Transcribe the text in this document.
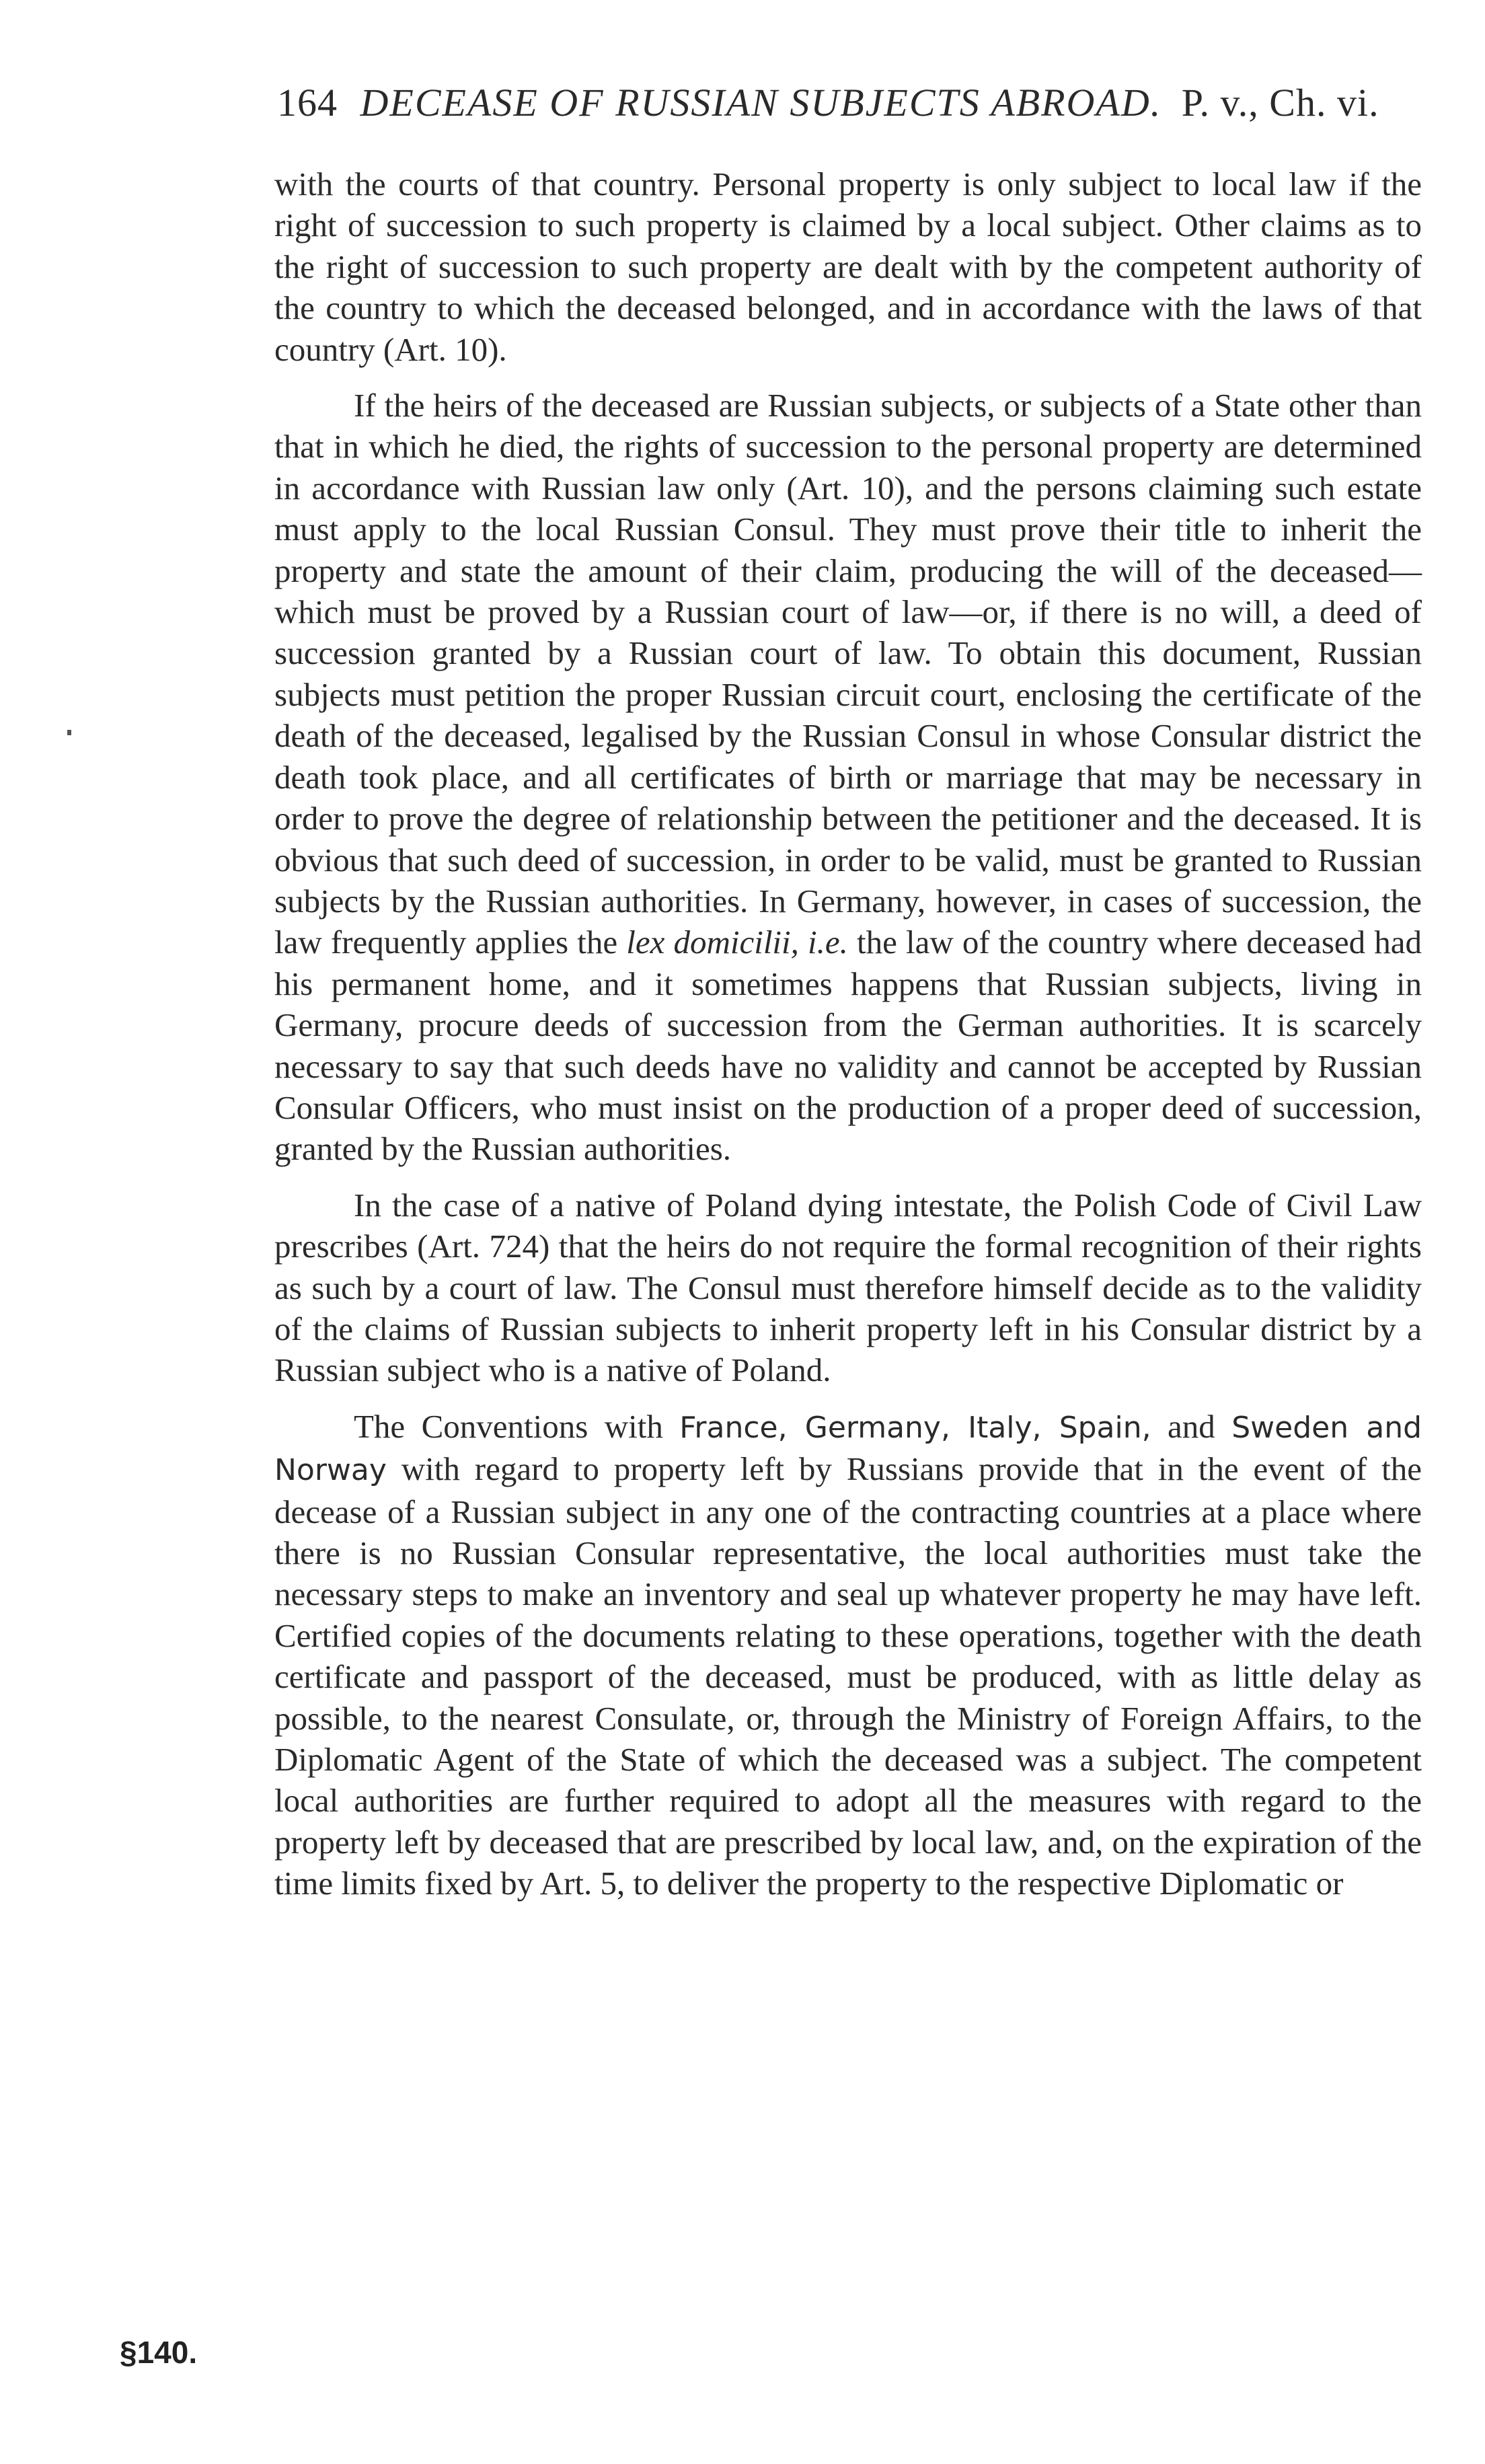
164 DECEASE OF RUSSIAN SUBJECTS ABROAD. P. v., Ch. vi.

with the courts of that country. Personal property is only subject to local law if the right of succession to such property is claimed by a local subject. Other claims as to the right of succession to such property are dealt with by the competent authority of the country to which the deceased belonged, and in accordance with the laws of that country (Art. 10).

If the heirs of the deceased are Russian subjects, or subjects of a State other than that in which he died, the rights of succession to the personal property are determined in accordance with Russian law only (Art. 10), and the persons claiming such estate must apply to the local Russian Consul. They must prove their title to inherit the property and state the amount of their claim, producing the will of the deceased—which must be proved by a Russian court of law—or, if there is no will, a deed of succession granted by a Russian court of law. To obtain this document, Russian subjects must petition the proper Russian circuit court, enclosing the certificate of the death of the deceased, legalised by the Russian Consul in whose Consular district the death took place, and all certificates of birth or marriage that may be necessary in order to prove the degree of relationship between the petitioner and the deceased. It is obvious that such deed of succession, in order to be valid, must be granted to Russian subjects by the Russian authorities. In Germany, however, in cases of succession, the law frequently applies the lex domicilii, i.e. the law of the country where deceased had his permanent home, and it sometimes happens that Russian subjects, living in Germany, procure deeds of succession from the German authorities. It is scarcely necessary to say that such deeds have no validity and cannot be accepted by Russian Consular Officers, who must insist on the production of a proper deed of succession, granted by the Russian authorities.

In the case of a native of Poland dying intestate, the Polish Code of Civil Law prescribes (Art. 724) that the heirs do not require the formal recognition of their rights as such by a court of law. The Consul must therefore himself decide as to the validity of the claims of Russian subjects to inherit property left in his Consular district by a Russian subject who is a native of Poland.

The Conventions with France, Germany, Italy, Spain, and Sweden and Norway with regard to property left by Russians provide that in the event of the decease of a Russian subject in any one of the contracting countries at a place where there is no Russian Consular representative, the local authorities must take the necessary steps to make an inventory and seal up whatever property he may have left. Certified copies of the documents relating to these operations, together with the death certificate and passport of the deceased, must be produced, with as little delay as possible, to the nearest Consulate, or, through the Ministry of Foreign Affairs, to the Diplomatic Agent of the State of which the deceased was a subject. The competent local authorities are further required to adopt all the measures with regard to the property left by deceased that are prescribed by local law, and, on the expiration of the time limits fixed by Art. 5, to deliver the property to the respective Diplomatic or

§140.
